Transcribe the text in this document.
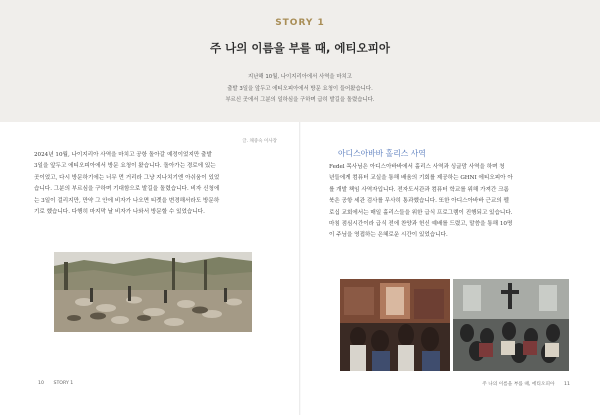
STORY 1
주 나의 이름을 부를 때, 에티오피아
지난해 10월, 나이지리아에서 사역을 마치고
출발 3일을 앞두고 에티오피아에서 방문 요청이 들어왔습니다.
부르신 곳에서 그분의 일하심을 구하며 급히 발길을 돌렸습니다.
글. 채중숙 이사장
2024년 10월, 나이지리아 사역을 마치고 공항 돌아갈 예정이었지만 출발
3일을 앞두고 에티오피아에서 방문 요청이 왔습니다. 돌아가는 경로에 있는
곳이었고, 다시 방문하기에는 너무 먼 거리라 그냥 지나치기엔 아쉬움이 있었
습니다. 그분의 부르심을 구하며 기대함으로 발길을 돌렸습니다. 비자 신청에
는 3일이 걸리지만, 만약 그 안에 비자가 나오면 티켓을 변경해서라도 방문하
기로 했습니다. 다행히 마지막 날 비자가 나와서 방문할 수 있었습니다.
10 STORY 1
아디스아바바 홀리스 사역
Fedel 목사님은 아디스아바바에서 홀리스 사역과 싱글맘 사역을 하며 청
년들에게 컴퓨터 교실을 통해 배움의 기회를 제공하는 GHNI 에티오피아 아
를 개발 책임 사역자입니다. 전자도서관과 컴퓨터 학교를 위해 가져간 크롬
북은 공항 세관 검사를 무사히 통과했습니다. 또한 아디스아바바 근교의 펠
로십 교회에서는 매일 홀리스들을 위한 급식 프로그램이 진행되고 있습니다.
마침 점심시간이라 급식 전에 찬양과 헌신 예배를 드렸고, 말씀을 통해 10명
이 주님을 영접하는 은혜로운 시간이 있었습니다.
주 나의 이름을 부를 때, 에티오피아 11
